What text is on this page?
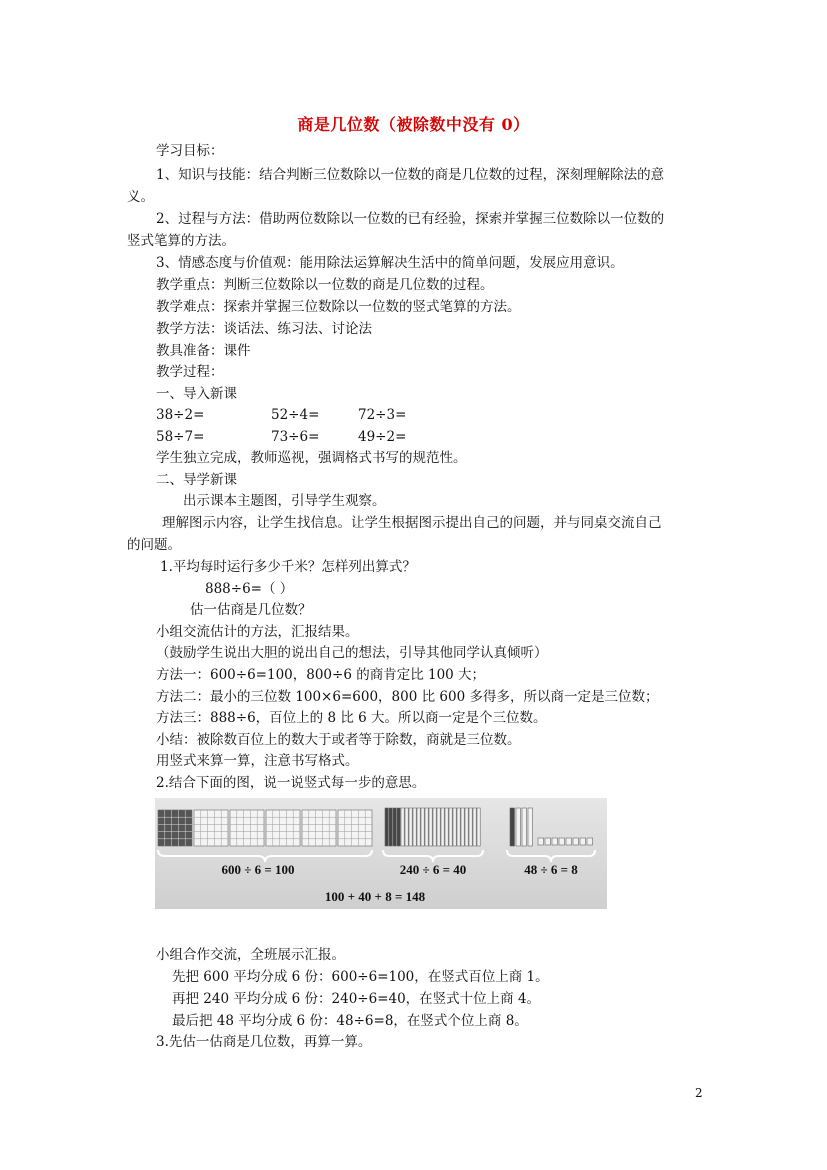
商是几位数（被除数中没有 0）
学习目标：
1、知识与技能：结合判断三位数除以一位数的商是几位数的过程，深刻理解除法的意
义。
2、过程与方法：借助两位数除以一位数的已有经验，探索并掌握三位数除以一位数的
竖式笔算的方法。
3、情感态度与价值观：能用除法运算解决生活中的简单问题，发展应用意识。
教学重点：判断三位数除以一位数的商是几位数的过程。
教学难点：探索并掌握三位数除以一位数的竖式笔算的方法。
教学方法：谈话法、练习法、讨论法
教具准备：课件
教学过程：
一、导入新课
38÷2=	52÷4=	72÷3=
58÷7=	73÷6=	49÷2=
学生独立完成，教师巡视，强调格式书写的规范性。
二、导学新课
出示课本主题图，引导学生观察。
理解图示内容，让学生找信息。让学生根据图示提出自己的问题，并与同桌交流自己
的问题。
1.平均每时运行多少千米？怎样列出算式？
888÷6=（ ）
估一估商是几位数？
小组交流估计的方法，汇报结果。
（鼓励学生说出大胆的说出自己的想法，引导其他同学认真倾听）
方法一：600÷6=100，800÷6 的商肯定比 100 大；
方法二：最小的三位数 100×6=600，800 比 600 多得多，所以商一定是三位数；
方法三：888÷6，百位上的 8 比 6 大。所以商一定是个三位数。
小结：被除数百位上的数大于或者等于除数，商就是三位数。
用竖式来算一算，注意书写格式。
2.结合下面的图，说一说竖式每一步的意思。
600 ÷ 6 = 100	240 ÷ 6 = 40	48 ÷ 6 = 8
100 + 40 + 8 = 148
小组合作交流，全班展示汇报。
先把 600 平均分成 6 份：600÷6=100，在竖式百位上商 1。
再把 240 平均分成 6 份：240÷6=40，在竖式十位上商 4。
最后把 48 平均分成 6 份：48÷6=8，在竖式个位上商 8。
3.先估一估商是几位数，再算一算。
2
